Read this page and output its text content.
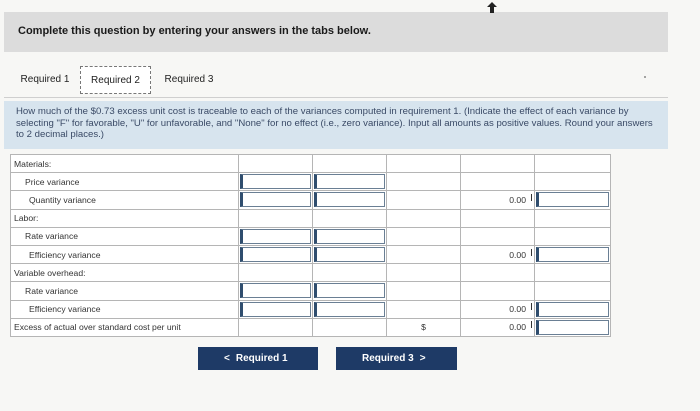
Complete this question by entering your answers in the tabs below.
Required 1	Required 2	Required 3

How much of the $0.73 excess unit cost is traceable to each of the variances computed in requirement 1. (Indicate the effect of each variance by selecting "F" for favorable, "U" for unfavorable, and "None" for no effect (i.e., zero variance). Input all amounts as positive values. Round your answers to 2 decimal places.)

Materials:					
Price variance	

Quantity variance				0.00	

Labor:					
Rate variance	

Efficiency variance				0.00	

Variable overhead:					
Rate variance	

Efficiency variance				0.00	

Excess of actual over standard cost per unit			$	0.00	

< Required 1	Required 3 >
